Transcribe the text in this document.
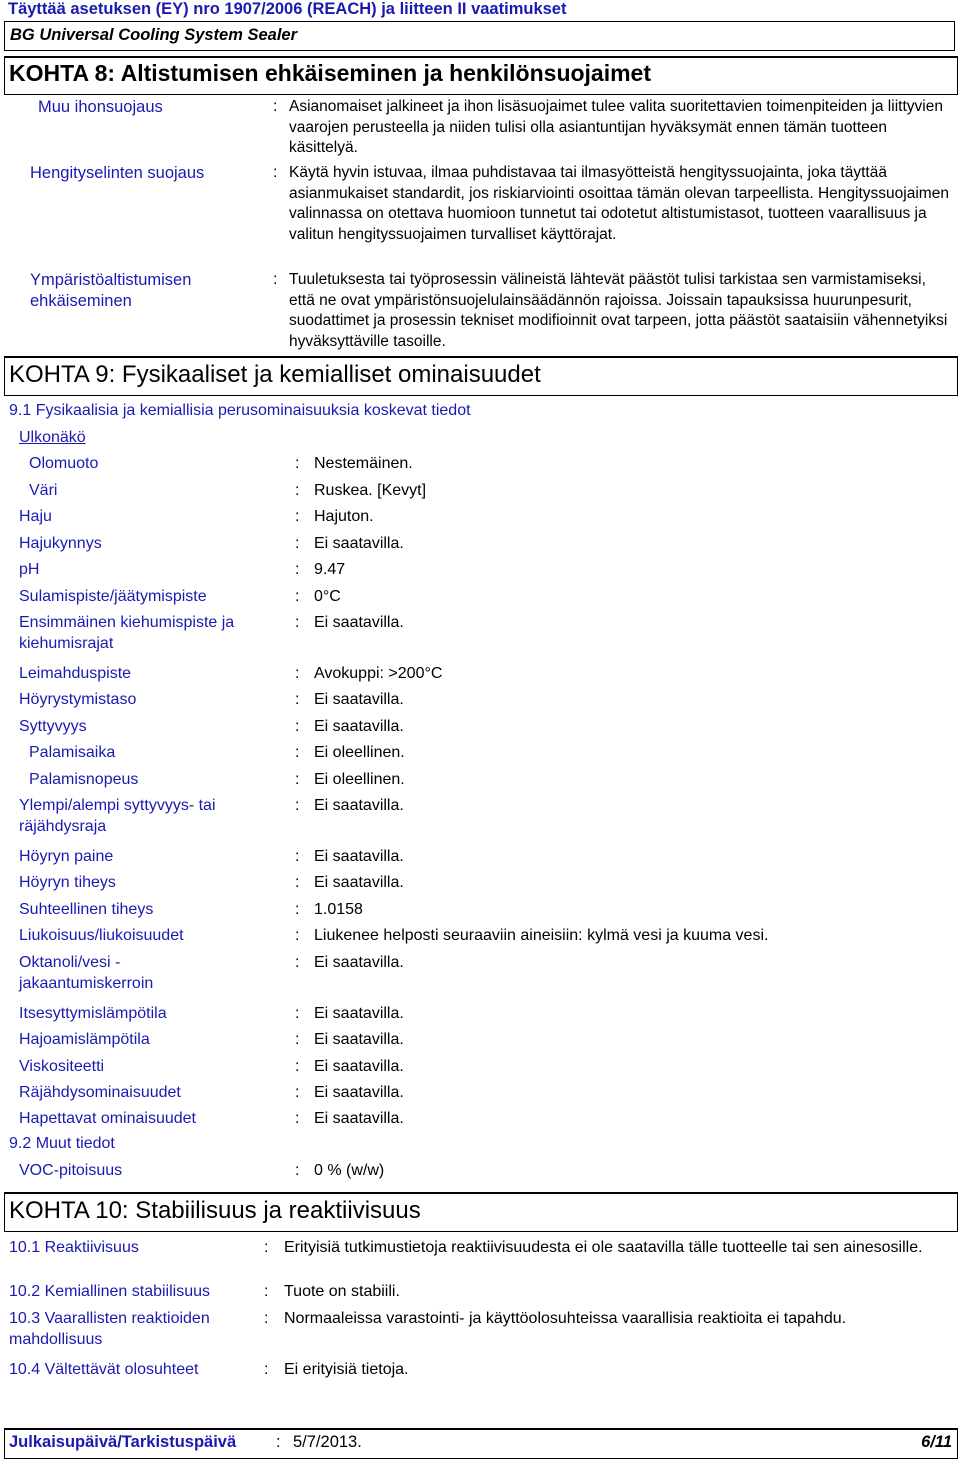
Täyttää asetuksen (EY) nro 1907/2006 (REACH) ja liitteen II vaatimukset
BG Universal Cooling System Sealer
KOHTA 8: Altistumisen ehkäiseminen ja henkilönsuojaimet
Muu ihonsuojaus	: Asianomaiset jalkineet ja ihon lisäsuojaimet tulee valita suoritettavien toimenpiteiden ja liittyvien vaarojen perusteella ja niiden tulisi olla asiantuntijan hyväksymät ennen tämän tuotteen käsittelyä.
Hengityselinten suojaus	: Käytä hyvin istuvaa, ilmaa puhdistavaa tai ilmasyötteistä hengityssuojainta, joka täyttää asianmukaiset standardit, jos riskiarviointi osoittaa tämän olevan tarpeellista. Hengityssuojaimen valinnassa on otettava huomioon tunnetut tai odotetut altistumistasot, tuotteen vaarallisuus ja valitun hengityssuojaimen turvalliset käyttörajat.
Ympäristöaltistumisen ehkäiseminen
: Tuuletuksesta tai työprosessin välineistä lähtevät päästöt tulisi tarkistaa sen varmistamiseksi, että ne ovat ympäristönsuojelulainsäädännön rajoissa. Joissain tapauksissa huurunpesurit, suodattimet ja prosessin tekniset modifioinnit ovat tarpeen, jotta päästöt saataisiin vähennetyiksi hyväksyttäville tasoille.
KOHTA 9: Fysikaaliset ja kemialliset ominaisuudet
9.1 Fysikaalisia ja kemiallisia perusominaisuuksia koskevat tiedot
Ulkonäkö
Olomuoto	: Nestemäinen.
Väri	: Ruskea. [Kevyt]
Haju	: Hajuton.
Hajukynnys	: Ei saatavilla.
pH	: 9.47
Sulamispiste/jäätymispiste	: 0°C
Ensimmäinen kiehumispiste ja kiehumisrajat
: Ei saatavilla.
Leimahduspiste	: Avokuppi: >200°C
Höyrystymistaso	: Ei saatavilla.
Syttyvyys	: Ei saatavilla.
Palamisaika	: Ei oleellinen.
Palamisnopeus	: Ei oleellinen.
Ylempi/alempi syttyvyys- tai räjähdysraja
: Ei saatavilla.
Höyryn paine	: Ei saatavilla.
Höyryn tiheys	: Ei saatavilla.
Suhteellinen tiheys	: 1.0158
Liukoisuus/liukoisuudet	: Liukenee helposti seuraaviin aineisiin: kylmä vesi ja kuuma vesi.
Oktanoli/vesi - jakaantumiskerroin
: Ei saatavilla.
Itsesyttymislämpötila	: Ei saatavilla.
Hajoamislämpötila	: Ei saatavilla.
Viskositeetti	: Ei saatavilla.
Räjähdysominaisuudet	: Ei saatavilla.
Hapettavat ominaisuudet	: Ei saatavilla.
9.2 Muut tiedot
VOC-pitoisuus	: 0 % (w/w)
KOHTA 10: Stabiilisuus ja reaktiivisuus
10.1 Reaktiivisuus	: Erityisiä tutkimustietoja reaktiivisuudesta ei ole saatavilla tälle tuotteelle tai sen ainesosille.
10.2 Kemiallinen stabiilisuus	: Tuote on stabiili.
10.3 Vaarallisten reaktioiden mahdollisuus
: Normaaleissa varastointi- ja käyttöolosuhteissa vaarallisia reaktioita ei tapahdu.
10.4 Vältettävät olosuhteet	: Ei erityisiä tietoja.
Julkaisupäivä/Tarkistuspäivä : 5/7/2013.	6/11
